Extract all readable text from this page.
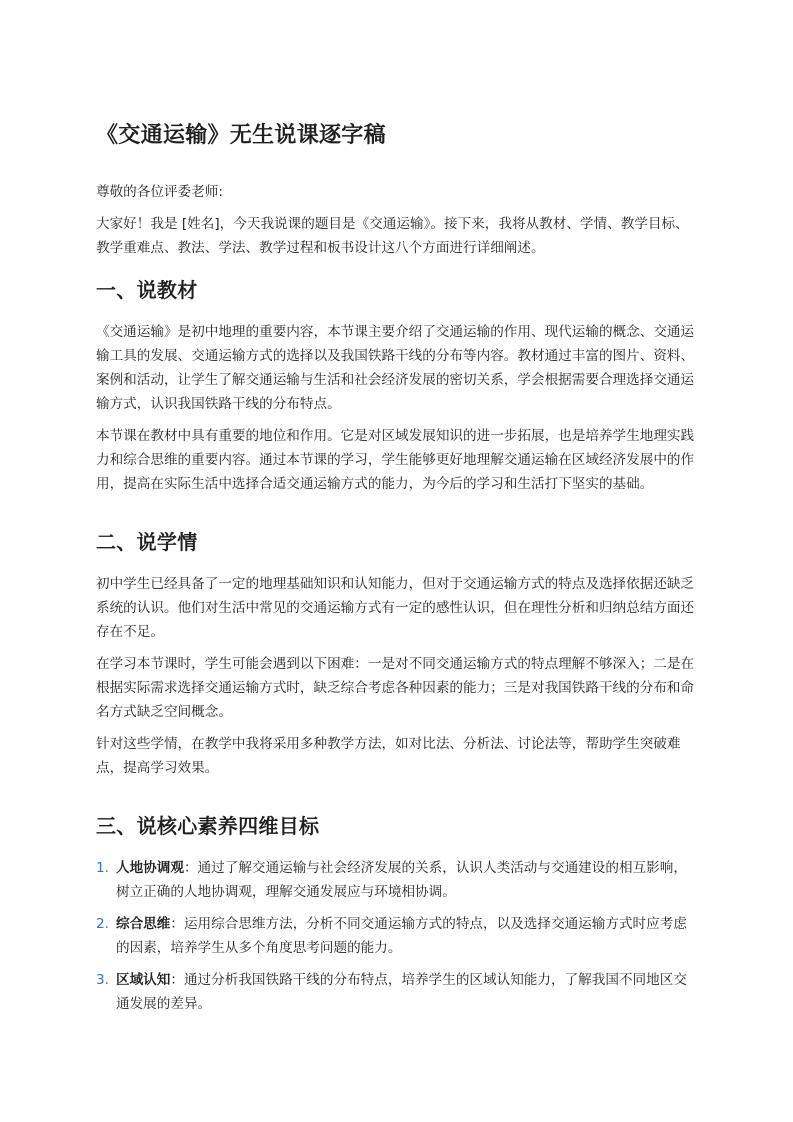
《交通运输》无生说课逐字稿

尊敬的各位评委老师:

大家好！我是 [姓名]，今天我说课的题目是《交通运输》。接下来，我将从教材、学情、教学目标、教学重难点、教法、学法、教学过程和板书设计这八个方面进行详细阐述。

一、说教材

《交通运输》是初中地理的重要内容，本节课主要介绍了交通运输的作用、现代运输的概念、交通运输工具的发展、交通运输方式的选择以及我国铁路干线的分布等内容。教材通过丰富的图片、资料、案例和活动，让学生了解交通运输与生活和社会经济发展的密切关系，学会根据需要合理选择交通运输方式，认识我国铁路干线的分布特点。

本节课在教材中具有重要的地位和作用。它是对区域发展知识的进一步拓展，也是培养学生地理实践力和综合思维的重要内容。通过本节课的学习，学生能够更好地理解交通运输在区域经济发展中的作用，提高在实际生活中选择合适交通运输方式的能力，为今后的学习和生活打下坚实的基础。

二、说学情

初中学生已经具备了一定的地理基础知识和认知能力，但对于交通运输方式的特点及选择依据还缺乏系统的认识。他们对生活中常见的交通运输方式有一定的感性认识，但在理性分析和归纳总结方面还存在不足。

在学习本节课时，学生可能会遇到以下困难：一是对不同交通运输方式的特点理解不够深入；二是在根据实际需求选择交通运输方式时，缺乏综合考虑各种因素的能力；三是对我国铁路干线的分布和命名方式缺乏空间概念。

针对这些学情，在教学中我将采用多种教学方法，如对比法、分析法、讨论法等，帮助学生突破难点，提高学习效果。

三、说核心素养四维目标
1. 人地协调观：通过了解交通运输与社会经济发展的关系，认识人类活动与交通建设的相互影响，树立正确的人地协调观，理解交通发展应与环境相协调。
2. 综合思维：运用综合思维方法，分析不同交通运输方式的特点，以及选择交通运输方式时应考虑的因素，培养学生从多个角度思考问题的能力。
3. 区域认知：通过分析我国铁路干线的分布特点，培养学生的区域认知能力，了解我国不同地区交通发展的差异。
